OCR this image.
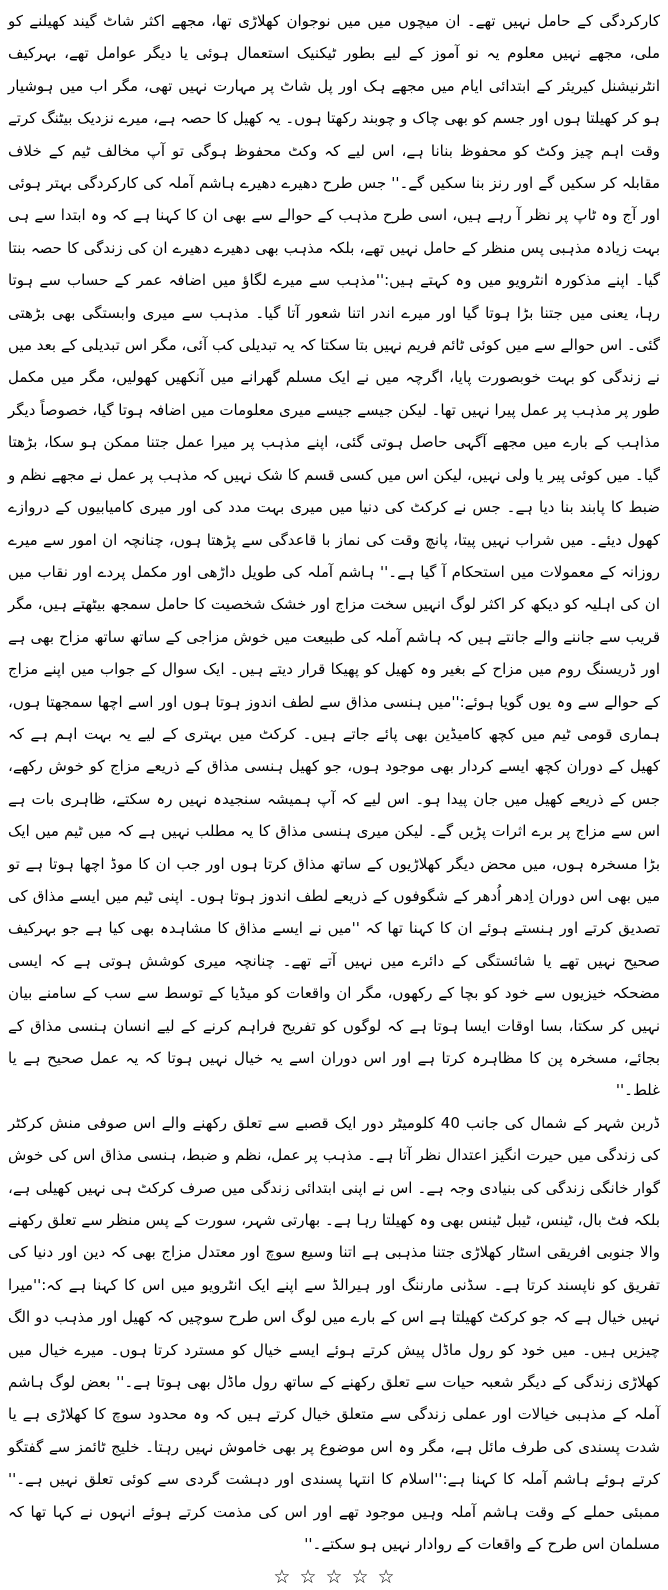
کارکردگی کے حامل نہیں تھے۔ ان میچوں میں میں نوجوان کھلاڑی تھا، مجھے اکثر شاٹ گیند کھیلنے کو ملی، مجھے نہیں معلوم یہ نو آموز کے لیے بطور ٹیکنیک استعمال ہوئی یا دیگر عوامل تھے، بہرکیف انٹرنیشنل کیریئر کے ابتدائی ایام میں مجھے ہک اور پل شاٹ پر مہارت نہیں تھی، مگر اب میں ہوشیار ہو کر کھیلتا ہوں اور جسم کو بھی چاک و چوبند رکھتا ہوں۔ یہ کھیل کا حصہ ہے، میرے نزدیک بیٹنگ کرتے وقت اہم چیز وکٹ کو محفوظ بنانا ہے، اس لیے کہ وکٹ محفوظ ہوگی تو آپ مخالف ٹیم کے خلاف مقابلہ کر سکیں گے اور رنز بنا سکیں گے۔'' جس طرح دھیرے دھیرے ہاشم آملہ کی کارکردگی بہتر ہوئی اور آج وہ ٹاپ پر نظر آ رہے ہیں، اسی طرح مذہب کے حوالے سے بھی ان کا کہنا ہے کہ وہ ابتدا سے ہی بہت زیادہ مذہبی پس منظر کے حامل نہیں تھے، بلکہ مذہب بھی دھیرے دھیرے ان کی زندگی کا حصہ بنتا گیا۔ اپنے مذکورہ انٹرویو میں وہ کہتے ہیں:''مذہب سے میرے لگاؤ میں اضافہ عمر کے حساب سے ہوتا رہا، یعنی میں جتنا بڑا ہوتا گیا اور میرے اندر اتنا شعور آتا گیا۔ مذہب سے میری وابستگی بھی بڑھتی گئی۔ اس حوالے سے میں کوئی ٹائم فریم نہیں بتا سکتا کہ یہ تبدیلی کب آئی، مگر اس تبدیلی کے بعد میں نے زندگی کو بہت خوبصورت پایا، اگرچہ میں نے ایک مسلم گھرانے میں آنکھیں کھولیں، مگر میں مکمل طور پر مذہب پر عمل پیرا نہیں تھا۔ لیکن جیسے جیسے میری معلومات میں اضافہ ہوتا گیا، خصوصاً دیگر مذاہب کے بارے میں مجھے آگہی حاصل ہوتی گئی، اپنے مذہب پر میرا عمل جتنا ممکن ہو سکا، بڑھتا گیا۔ میں کوئی پیر یا ولی نہیں، لیکن اس میں کسی قسم کا شک نہیں کہ مذہب پر عمل نے مجھے نظم و ضبط کا پابند بنا دیا ہے۔ جس نے کرکٹ کی دنیا میں میری بہت مدد کی اور میری کامیابیوں کے دروازے کھول دیئے۔ میں شراب نہیں پیتا، پانچ وقت کی نماز با قاعدگی سے پڑھتا ہوں، چنانچہ ان امور سے میرے روزانہ کے معمولات میں استحکام آ گیا ہے۔'' ہاشم آملہ کی طویل داڑھی اور مکمل پردے اور نقاب میں ان کی اہلیہ کو دیکھ کر اکثر لوگ انہیں سخت مزاج اور خشک شخصیت کا حامل سمجھ بیٹھتے ہیں، مگر قریب سے جاننے والے جانتے ہیں کہ ہاشم آملہ کی طبیعت میں خوش مزاجی کے ساتھ ساتھ مزاح بھی ہے اور ڈریسنگ روم میں مزاح کے بغیر وہ کھیل کو پھیکا قرار دیتے ہیں۔ ایک سوال کے جواب میں اپنے مزاج کے حوالے سے وہ یوں گویا ہوئے:''میں ہنسی مذاق سے لطف اندوز ہوتا ہوں اور اسے اچھا سمجھتا ہوں، ہماری قومی ٹیم میں کچھ کامیڈین بھی پائے جاتے ہیں۔ کرکٹ میں بہتری کے لیے یہ بہت اہم ہے کہ کھیل کے دوران کچھ ایسے کردار بھی موجود ہوں، جو کھیل ہنسی مذاق کے ذریعے مزاج کو خوش رکھے، جس کے ذریعے کھیل میں جان پیدا ہو۔ اس لیے کہ آپ ہمیشہ سنجیدہ نہیں رہ سکتے، ظاہری بات ہے اس سے مزاج پر برے اثرات پڑیں گے۔ لیکن میری ہنسی مذاق کا یہ مطلب نہیں ہے کہ میں ٹیم میں ایک بڑا مسخرہ ہوں، میں محض دیگر کھلاڑیوں کے ساتھ مذاق کرتا ہوں اور جب ان کا موڈ اچھا ہوتا ہے تو میں بھی اس دوران اِدھر اُدھر کے شگوفوں کے ذریعے لطف اندوز ہوتا ہوں۔ اپنی ٹیم میں ایسے مذاق کی تصدیق کرتے اور ہنستے ہوئے ان کا کہنا تھا کہ ''میں نے ایسے مذاق کا مشاہدہ بھی کیا ہے جو بہرکیف صحیح نہیں تھے یا شائستگی کے دائرے میں نہیں آتے تھے۔ چنانچہ میری کوشش ہوتی ہے کہ ایسی مضحکہ خیزیوں سے خود کو بچا کے رکھوں، مگر ان واقعات کو میڈیا کے توسط سے سب کے سامنے بیان نہیں کر سکتا، بسا اوقات ایسا ہوتا ہے کہ لوگوں کو تفریح فراہم کرنے کے لیے انسان ہنسی مذاق کے بجائے، مسخرہ پن کا مظاہرہ کرتا ہے اور اس دوران اسے یہ خیال نہیں ہوتا کہ یہ عمل صحیح ہے یا غلط۔''

ڈربن شہر کے شمال کی جانب 40 کلومیٹر دور ایک قصبے سے تعلق رکھنے والے اس صوفی منش کرکٹر کی زندگی میں حیرت انگیز اعتدال نظر آتا ہے۔ مذہب پر عمل، نظم و ضبط، ہنسی مذاق اس کی خوش گوار خانگی زندگی کی بنیادی وجہ ہے۔ اس نے اپنی ابتدائی زندگی میں صرف کرکٹ ہی نہیں کھیلی ہے، بلکہ فٹ بال، ٹینس، ٹیبل ٹینس بھی وہ کھیلتا رہا ہے۔ بھارتی شہر، سورت کے پس منظر سے تعلق رکھنے والا جنوبی افریقی اسٹار کھلاڑی جتنا مذہبی ہے اتنا وسیع سوچ اور معتدل مزاج بھی کہ دین اور دنیا کی تفریق کو ناپسند کرتا ہے۔ سڈنی مارننگ اور ہیرالڈ سے اپنے ایک انٹرویو میں اس کا کہنا ہے کہ:''میرا نہیں خیال ہے کہ جو کرکٹ کھیلتا ہے اس کے بارے میں لوگ اس طرح سوچیں کہ کھیل اور مذہب دو الگ چیزیں ہیں۔ میں خود کو رول ماڈل پیش کرتے ہوئے ایسے خیال کو مسترد کرتا ہوں۔ میرے خیال میں کھلاڑی زندگی کے دیگر شعبہ حیات سے تعلق رکھنے کے ساتھ رول ماڈل بھی ہوتا ہے۔'' بعض لوگ ہاشم آملہ کے مذہبی خیالات اور عملی زندگی سے متعلق خیال کرتے ہیں کہ وہ محدود سوچ کا کھلاڑی ہے یا شدت پسندی کی طرف مائل ہے، مگر وہ اس موضوع پر بھی خاموش نہیں رہتا۔ خلیج ٹائمز سے گفتگو کرتے ہوئے ہاشم آملہ کا کہنا ہے:''اسلام کا انتہا پسندی اور دہشت گردی سے کوئی تعلق نہیں ہے۔'' ممبئی حملے کے وقت ہاشم آملہ وہیں موجود تھے اور اس کی مذمت کرتے ہوئے انہوں نے کہا تھا کہ مسلمان اس طرح کے واقعات کے روادار نہیں ہو سکتے۔''

☆☆☆☆☆
